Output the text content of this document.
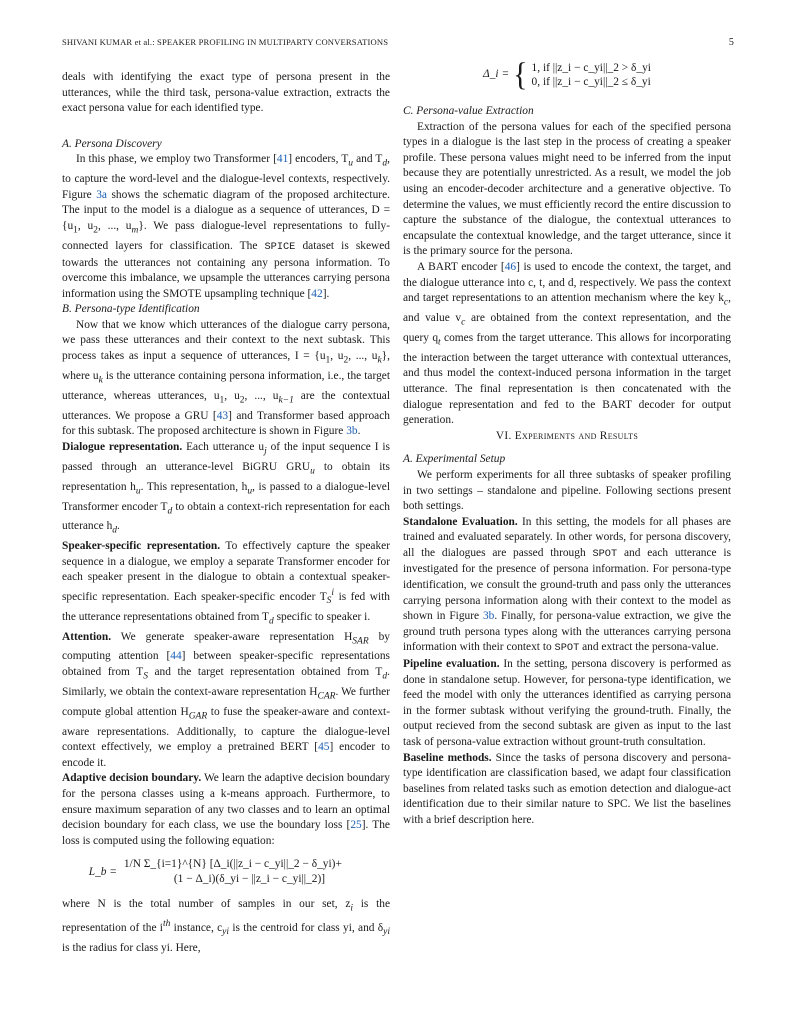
SHIVANI KUMAR et al.: SPEAKER PROFILING IN MULTIPARTY CONVERSATIONS	5

deals with identifying the exact type of persona present in the utterances, while the third task, persona-value extraction, extracts the exact persona value for each identified type.

A. Persona Discovery

In this phase, we employ two Transformer [41] encoders, $T_u$ and $T_d$, to capture the word-level and the dialogue-level contexts, respectively. Figure 3a shows the schematic diagram of the proposed architecture. The input to the model is a dialogue as a sequence of utterances, $D = \{u_1$, $u_2$, ..., $u_m$}. We pass dialogue-level representations to fully-connected layers for classification. The SPICE dataset is skewed towards the utterances not containing any persona information. To overcome this imbalance, we upsample the utterances carrying persona information using the SMOTE upsampling technique [42].

B. Persona-type Identification

Now that we know which utterances of the dialogue carry persona, we pass these utterances and their context to the next subtask. This process takes as input a sequence of utterances, $I = \{u_1$, $u_2$, ..., $u_k$}, where $u_k$ is the utterance containing persona information, i.e., the target utterance, whereas utterances, $u_1$, $u_2$, ..., $u_{k-1}$ are the contextual utterances. We propose a GRU [43] and Transformer based approach for this subtask. The proposed architecture is shown in Figure 3b.

Dialogue representation. Each utterance $u_j$ of the input sequence I is passed through an utterance-level BiGRU $GRU_u$ to obtain its representation $h_u$. This representation, $h_u$, is passed to a dialogue-level Transformer encoder $T_d$ to obtain a context-rich representation for each utterance $h_d$.

Speaker-specific representation. To effectively capture the speaker sequence in a dialogue, we employ a separate Transformer encoder for each speaker present in the dialogue to obtain a contextual speaker-specific representation. Each speaker-specific encoder $T_S^i$ is fed with the utterance representations obtained from $T_d$ specific to speaker i.

Attention. We generate speaker-aware representation $H_{SAR}$ by computing attention [44] between speaker-specific representations obtained from $T_S$ and the target representation obtained from $T_d$. Similarly, we obtain the context-aware representation $H_{CAR}$. We further compute global attention $H_{GAR}$ to fuse the speaker-aware and context-aware representations. Additionally, to capture the dialogue-level context effectively, we employ a pretrained BERT [45] encoder to encode it.

Adaptive decision boundary. We learn the adaptive decision boundary for the persona classes using a k-means approach. Furthermore, to ensure maximum separation of any two classes and to learn an optimal decision boundary for each class, we use the boundary loss [25]. The loss is computed using the following equation:

L_b = 1/N Σ_{i=1}^{N} [Δ_i(||z_i − c_yi||_2 − δ_yi)+
(1 − Δ_i)(δ_yi − ||z_i − c_yi||_2)]

where N is the total number of samples in our set, $z_i$ is the representation of the $i^{th}$ instance, $c_{yi}$ is the centroid for class yi, and $\delta_{yi}$ is the radius for class yi. Here,

Δ_i = { 1, if ||z_i − c_yi||_2 > δ_yi
0, if ||z_i − c_yi||_2 ≤ δ_yi

C. Persona-value Extraction

Extraction of the persona values for each of the specified persona types in a dialogue is the last step in the process of creating a speaker profile. These persona values might need to be inferred from the input because they are potentially unrestricted. As a result, we model the job using an encoder-decoder architecture and a generative objective. To determine the values, we must efficiently record the entire discussion to capture the substance of the dialogue, the contextual utterances to encapsulate the contextual knowledge, and the target utterance, since it is the primary source for the persona.

A BART encoder [46] is used to encode the context, the target, and the dialogue utterance into c, t, and d, respectively. We pass the context and target representations to an attention mechanism where the key $k_c$, and value $v_c$ are obtained from the context representation, and the query $q_t$ comes from the target utterance. This allows for incorporating the interaction between the target utterance with contextual utterances, and thus model the context-induced persona information in the target utterance. The final representation is then concatenated with the dialogue representation and fed to the BART decoder for output generation.

VI. Experiments and Results

A. Experimental Setup

We perform experiments for all three subtasks of speaker profiling in two settings – standalone and pipeline. Following sections present both settings.

Standalone Evaluation. In this setting, the models for all phases are trained and evaluated separately. In other words, for persona discovery, all the dialogues are passed through SPOT and each utterance is investigated for the presence of persona information. For persona-type identification, we consult the ground-truth and pass only the utterances carrying persona information along with their context to the model as shown in Figure 3b. Finally, for persona-value extraction, we give the ground truth persona types along with the utterances carrying persona information with their context to SPOT and extract the persona-value.

Pipeline evaluation. In the setting, persona discovery is performed as done in standalone setup. However, for persona-type identification, we feed the model with only the utterances identified as carrying persona in the former subtask without verifying the ground-truth. Finally, the output recieved from the second subtask are given as input to the last task of persona-value extraction without grount-truth consultation.

Baseline methods. Since the tasks of persona discovery and persona-type identification are classification based, we adapt four classification baselines from related tasks such as emotion detection and dialogue-act identification due to their similar nature to SPC. We list the baselines with a brief description here.
